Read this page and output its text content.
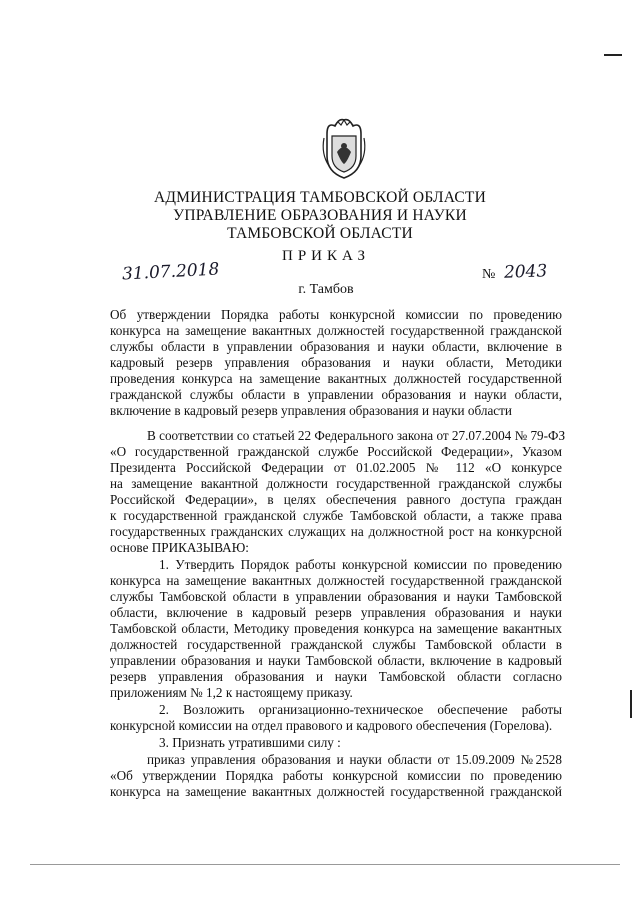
АДМИНИСТРАЦИЯ ТАМБОВСКОЙ ОБЛАСТИ
УПРАВЛЕНИЕ ОБРАЗОВАНИЯ И НАУКИ
ТАМБОВСКОЙ ОБЛАСТИ
ПРИКАЗ
31.07.2018	№ 2043
г. Тамбов
Об утверждении Порядка работы конкурсной комиссии по проведению
конкурса на замещение вакантных должностей государственной гражданской
службы области в управлении образования и науки области, включение в
кадровый резерв управления образования и науки области, Методики
проведения конкурса на замещение вакантных должностей государственной
гражданской службы области в управлении образования и науки области,
включение в кадровый резерв управления образования и науки области
В соответствии со статьей 22 Федерального закона от 27.07.2004 № 79-ФЗ
«О государственной гражданской службе Российской Федерации», Указом
Президента Российской Федерации от 01.02.2005 № 112 «О конкурсе
на замещение вакантной должности государственной гражданской службы
Российской Федерации», в целях обеспечения равного доступа граждан
к государственной гражданской службе Тамбовской области, а также права
государственных гражданских служащих на должностной рост на конкурсной
основе ПРИКАЗЫВАЮ:
1. Утвердить Порядок работы конкурсной комиссии по проведению
конкурса на замещение вакантных должностей государственной гражданской
службы Тамбовской области в управлении образования и науки Тамбовской
области, включение в кадровый резерв управления образования и науки
Тамбовской области, Методику проведения конкурса на замещение вакантных
должностей государственной гражданской службы Тамбовской области в
управлении образования и науки Тамбовской области, включение в кадровый
резерв управления образования и науки Тамбовской области согласно
приложениям № 1,2 к настоящему приказу.
2. Возложить организационно-техническое обеспечение работы
конкурсной комиссии на отдел правового и кадрового обеспечения (Горелова).
3. Признать утратившими силу :
приказ управления образования и науки области от 15.09.2009 №2528
«Об утверждении Порядка работы конкурсной комиссии по проведению
конкурса на замещение вакантных должностей государственной гражданской
